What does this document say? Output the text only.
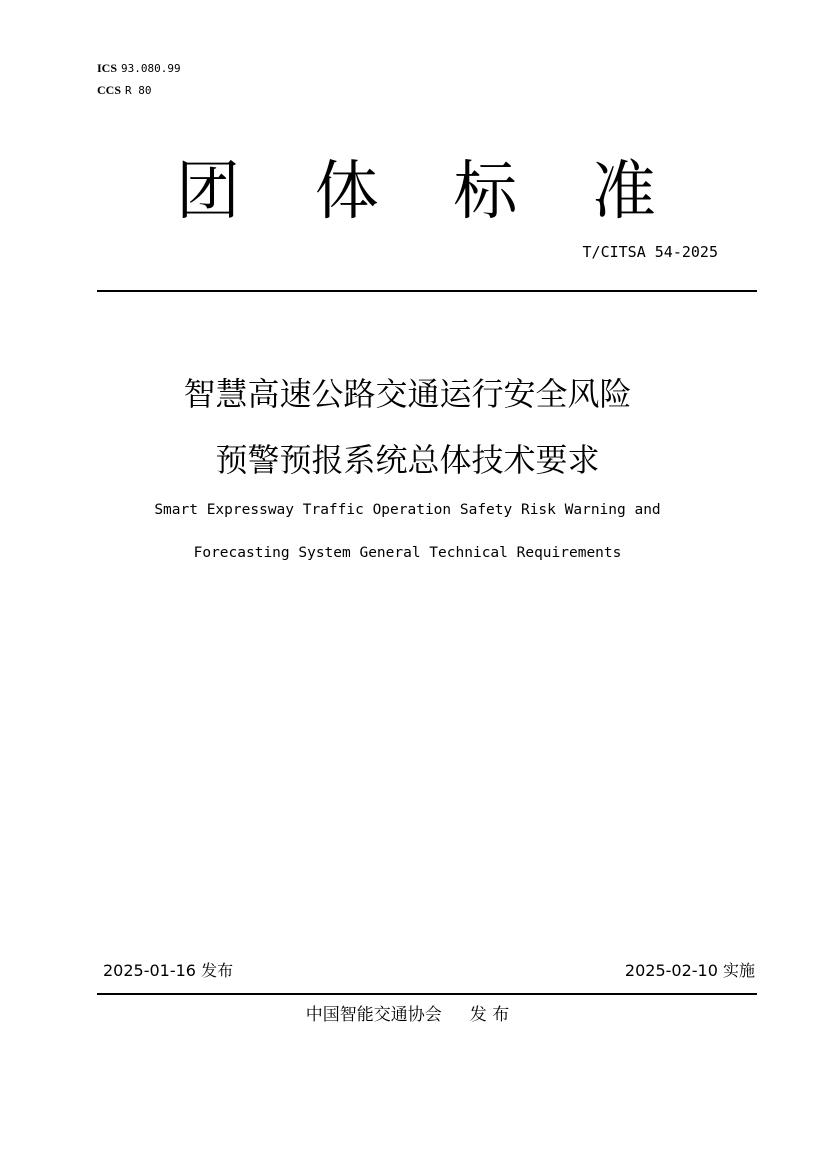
ICS 93.080.99
CCS R 80
团 体 标 准
T/CITSA 54-2025
智慧高速公路交通运行安全风险
预警预报系统总体技术要求
Smart Expressway Traffic Operation Safety Risk Warning and
Forecasting System General Technical Requirements
2025-01-16 发布	2025-02-10 实施
中国智能交通协会 发 布
